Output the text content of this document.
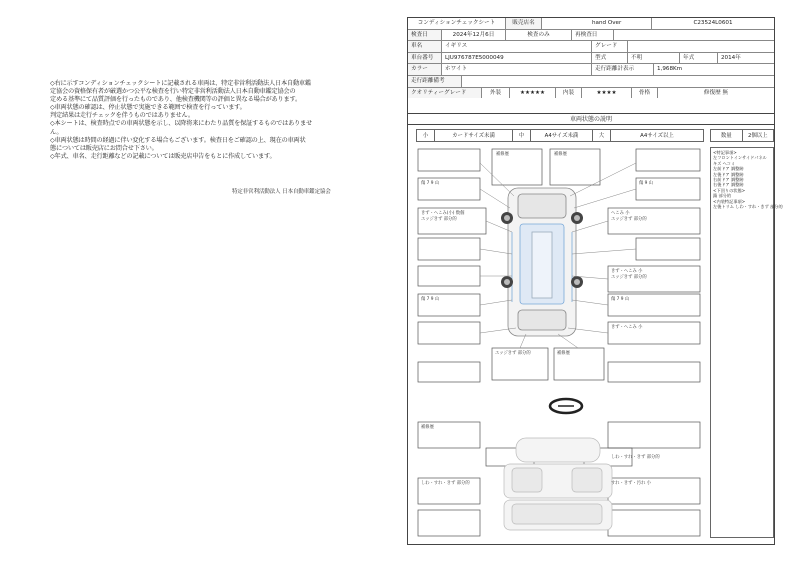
◇右に示すコンディションチェックシートに記載される車両は、特定非営利活動法人日本自動車鑑

定協会の資格保有者が厳選かつ公平な検査を行い特定非営利活動法人日本自動車鑑定協会の

定める基準にて品質評価を行ったものであり、他検査機関等の評価と異なる場合があります。

◇車両状態の確認は、停止状態で実施できる範囲で検査を行っています。

判定結果は走行チェックを伴うものではありません。

◇本シートは、検査時点での車両状態を示し、以降将来にわたり品質を保証するものではありませ

ん。

◇車両状態は時間の経過に伴い変化する場合もございます。検査日をご確認の上、現在の車両状

態については販売店にお問合せ下さい。

◇年式、車名、走行距離などの記載については販売店申告をもとに作成しています。

特定非営利活動法人 日本自動車鑑定協会
コンディションチェックシート	販売店名	hand Over	C23524L0601
検査日	2024年12月6日	検査のみ	再検査日
車名	イギリス	グレード
車台番号	LJU976787E5000049	型式	不明	年式	2014年
カラー	ホワイト	走行距離計表示	1,968Km
走行距離備考
クオリティーグレード	外装	★★★★★	内装	★★★★	骨格	修復歴 無
車両状態の説明
小	カードサイズ未満	中	A4サイズ未満	大	A4サイズ以上	数量	2個以上

<特記事項>

左フロントインサイドパネル

キズ ヘコミ

左前ドア 調整跡

左後ドア 調整跡

右前ドア 調整跡

右後ドア 調整跡

<下回りの状態>

錆 部分的

<内装特記事項>

左後トリム しわ・すれ・きず 部分的

補修歴	補修歴
傷 7 9 山	傷 9 山
きず・へこみ(小) 数個
エッジきず 部分的
へこみ 小
エッジきず 部分的
きず・へこみ 小
エッジきず 部分的
傷 7 9 山	傷 7 9 山
きず・へこみ 小
エッジきず 部分的	補修歴
補修歴
しわ・すれ・きず 部分的
しわ・すれ・きず 部分的	すれ・きず・汚れ 小
